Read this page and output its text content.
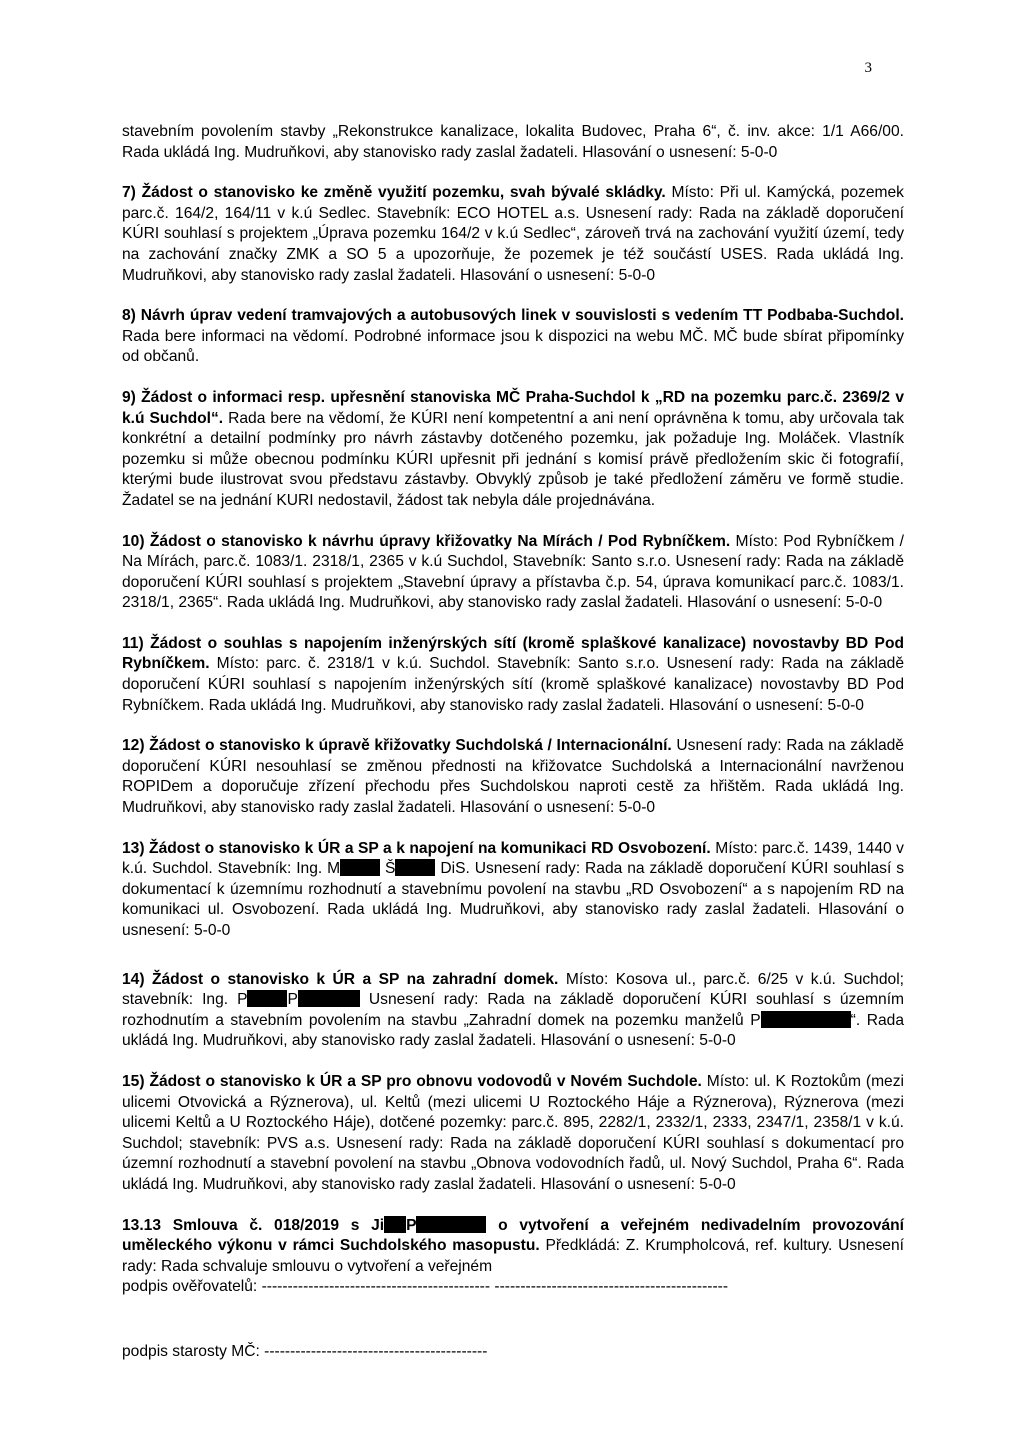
3

stavebním povolením stavby „Rekonstrukce kanalizace, lokalita Budovec, Praha 6“, č. inv. akce: 1/1 A66/00. Rada ukládá Ing. Mudruňkovi, aby stanovisko rady zaslal žadateli. Hlasování o usnesení: 5-0-0

7) Žádost o stanovisko ke změně využití pozemku, svah bývalé skládky. Místo: Při ul. Kamýcká, pozemek parc.č. 164/2, 164/11 v k.ú Sedlec. Stavebník: ECO HOTEL a.s. Usnesení rady: Rada na základě doporučení KÚRI souhlasí s projektem „Úprava pozemku 164/2 v k.ú Sedlec“, zároveň trvá na zachování využití území, tedy na zachování značky ZMK a SO 5 a upozorňuje, že pozemek je též součástí USES. Rada ukládá Ing. Mudruňkovi, aby stanovisko rady zaslal žadateli. Hlasování o usnesení: 5-0-0

8) Návrh úprav vedení tramvajových a autobusových linek v souvislosti s vedením TT Podbaba-Suchdol. Rada bere informaci na vědomí. Podrobné informace jsou k dispozici na webu MČ. MČ bude sbírat připomínky od občanů.

9) Žádost o informaci resp. upřesnění stanoviska MČ Praha-Suchdol k „RD na pozemku parc.č. 2369/2 v k.ú Suchdol“. Rada bere na vědomí, že KÚRI není kompetentní a ani není oprávněna k tomu, aby určovala tak konkrétní a detailní podmínky pro návrh zástavby dotčeného pozemku, jak požaduje Ing. Moláček. Vlastník pozemku si může obecnou podmínku KÚRI upřesnit při jednání s komisí právě předložením skic či fotografií, kterými bude ilustrovat svou představu zástavby. Obvyklý způsob je také předložení záměru ve formě studie. Žadatel se na jednání KURI nedostavil, žádost tak nebyla dále projednávána.

10) Žádost o stanovisko k návrhu úpravy křižovatky Na Mírách / Pod Rybníčkem. Místo: Pod Rybníčkem / Na Mírách, parc.č. 1083/1. 2318/1, 2365 v k.ú Suchdol, Stavebník: Santo s.r.o. Usnesení rady: Rada na základě doporučení KÚRI souhlasí s projektem „Stavební úpravy a přístavba č.p. 54, úprava komunikací parc.č. 1083/1. 2318/1, 2365“. Rada ukládá Ing. Mudruňkovi, aby stanovisko rady zaslal žadateli. Hlasování o usnesení: 5-0-0

11) Žádost o souhlas s napojením inženýrských sítí (kromě splaškové kanalizace) novostavby BD Pod Rybníčkem. Místo: parc. č. 2318/1 v k.ú. Suchdol. Stavebník: Santo s.r.o. Usnesení rady: Rada na základě doporučení KÚRI souhlasí s napojením inženýrských sítí (kromě splaškové kanalizace) novostavby BD Pod Rybníčkem. Rada ukládá Ing. Mudruňkovi, aby stanovisko rady zaslal žadateli. Hlasování o usnesení: 5-0-0

12) Žádost o stanovisko k úpravě křižovatky Suchdolská / Internacionální. Usnesení rady: Rada na základě doporučení KÚRI nesouhlasí se změnou přednosti na křižovatce Suchdolská a Internacionální navrženou ROPIDem a doporučuje zřízení přechodu přes Suchdolskou naproti cestě za hřištěm. Rada ukládá Ing. Mudruňkovi, aby stanovisko rady zaslal žadateli. Hlasování o usnesení: 5-0-0

13) Žádost o stanovisko k ÚR a SP a k napojení na komunikaci RD Osvobození. Místo: parc.č. 1439, 1440 v k.ú. Suchdol. Stavebník: Ing. M	Š	DiS. Usnesení rady: Rada na základě doporučení KÚRI souhlasí s dokumentací k územnímu rozhodnutí a stavebnímu povolení na stavbu „RD Osvobození“ a s napojením RD na komunikaci ul. Osvobození. Rada ukládá Ing. Mudruňkovi, aby stanovisko rady zaslal žadateli. Hlasování o usnesení: 5-0-0

14) Žádost o stanovisko k ÚR a SP na zahradní domek. Místo: Kosova ul., parc.č. 6/25 v k.ú. Suchdol; stavebník: Ing. P	P	Usnesení rady: Rada na základě doporučení KÚRI souhlasí s územním rozhodnutím a stavebním povolením na stavbu „Zahradní domek na pozemku manželů P	“. Rada ukládá Ing. Mudruňkovi, aby stanovisko rady zaslal žadateli. Hlasování o usnesení: 5-0-0

15) Žádost o stanovisko k ÚR a SP pro obnovu vodovodů v Novém Suchdole. Místo: ul. K Roztokům (mezi ulicemi Otvovická a Rýznerova), ul. Keltů (mezi ulicemi U Roztockého Háje a Rýznerova), Rýznerova (mezi ulicemi Keltů a U Roztockého Háje), dotčené pozemky: parc.č. 895, 2282/1, 2332/1, 2333, 2347/1, 2358/1 v k.ú. Suchdol; stavebník: PVS a.s. Usnesení rady: Rada na základě doporučení KÚRI souhlasí s dokumentací pro územní rozhodnutí a stavební povolení na stavbu „Obnova vodovodních řadů, ul. Nový Suchdol, Praha 6“. Rada ukládá Ing. Mudruňkovi, aby stanovisko rady zaslal žadateli. Hlasování o usnesení: 5-0-0

13.13 Smlouva č. 018/2019 s Ji P	o vytvoření a veřejném nedivadelním provozování uměleckého výkonu v rámci Suchdolského masopustu. Předkládá: Z. Krumpholcová, ref. kultury. Usnesení rady: Rada schvaluje smlouvu o vytvoření a veřejném

podpis ověřovatelů: -------------------------------------------- ---------------------------------------------

podpis starosty MČ: -------------------------------------------
